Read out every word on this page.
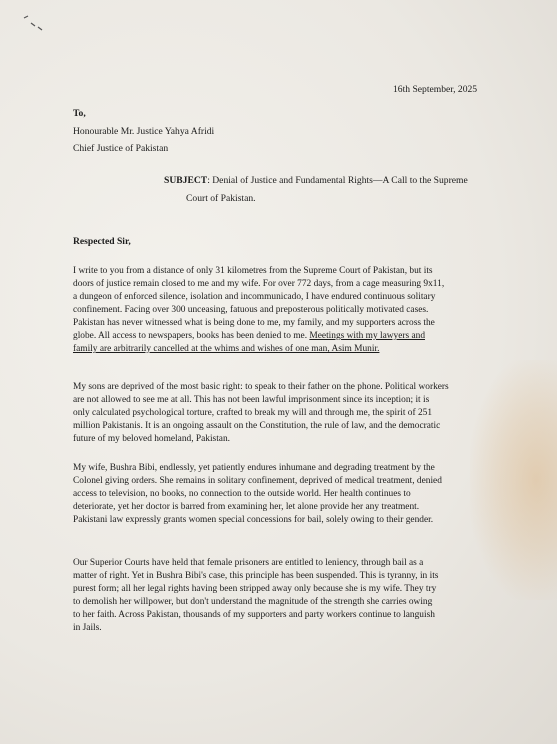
16th September, 2025
To,
Honourable Mr. Justice Yahya Afridi
Chief Justice of Pakistan
SUBJECT: Denial of Justice and Fundamental Rights—A Call to the Supreme
Court of Pakistan.
Respected Sir,
I write to you from a distance of only 31 kilometres from the Supreme Court of Pakistan, but its
doors of justice remain closed to me and my wife. For over 772 days, from a cage measuring 9x11,
a dungeon of enforced silence, isolation and incommunicado, I have endured continuous solitary
confinement. Facing over 300 unceasing, fatuous and preposterous politically motivated cases.
Pakistan has never witnessed what is being done to me, my family, and my supporters across the
globe. All access to newspapers, books has been denied to me. Meetings with my lawyers and
family are arbitrarily cancelled at the whims and wishes of one man, Asim Munir.
My sons are deprived of the most basic right: to speak to their father on the phone. Political workers
are not allowed to see me at all. This has not been lawful imprisonment since its inception; it is
only calculated psychological torture, crafted to break my will and through me, the spirit of 251
million Pakistanis. It is an ongoing assault on the Constitution, the rule of law, and the democratic
future of my beloved homeland, Pakistan.
My wife, Bushra Bibi, endlessly, yet patiently endures inhumane and degrading treatment by the
Colonel giving orders. She remains in solitary confinement, deprived of medical treatment, denied
access to television, no books, no connection to the outside world. Her health continues to
deteriorate, yet her doctor is barred from examining her, let alone provide her any treatment.
Pakistani law expressly grants women special concessions for bail, solely owing to their gender.
Our Superior Courts have held that female prisoners are entitled to leniency, through bail as a
matter of right. Yet in Bushra Bibi's case, this principle has been suspended. This is tyranny, in its
purest form; all her legal rights having been stripped away only because she is my wife. They try
to demolish her willpower, but don't understand the magnitude of the strength she carries owing
to her faith. Across Pakistan, thousands of my supporters and party workers continue to languish
in Jails.
